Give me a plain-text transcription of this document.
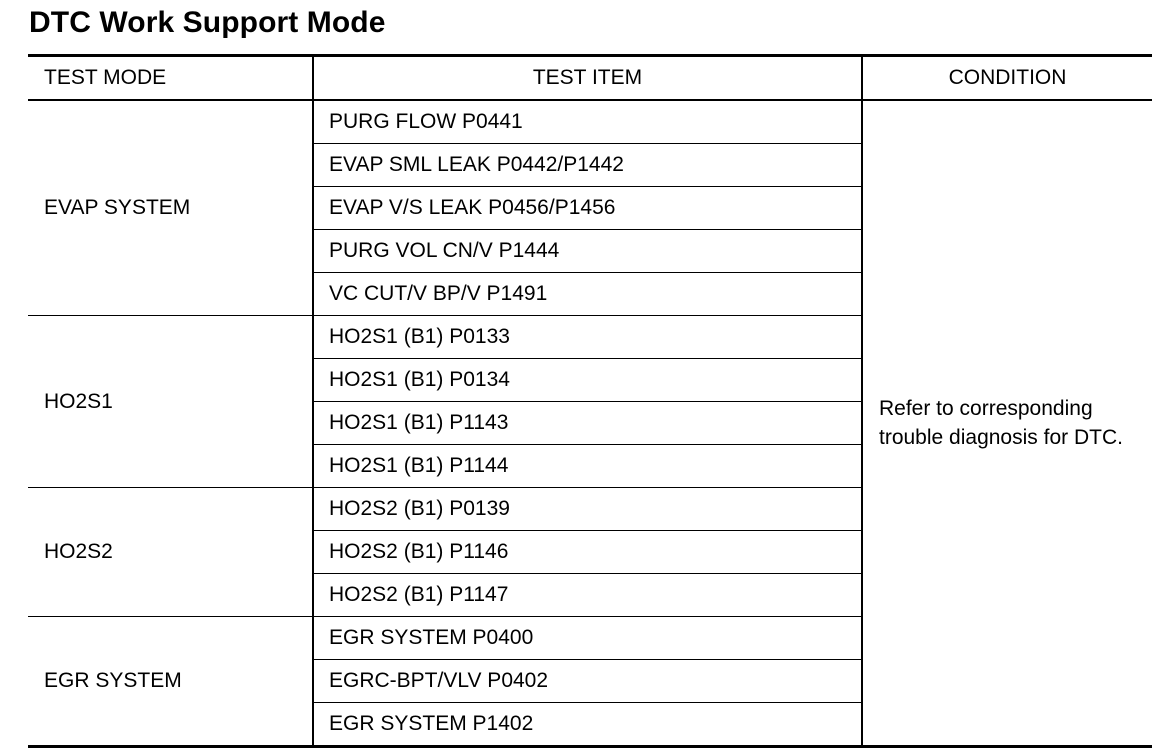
DTC Work Support Mode
TEST MODE	TEST ITEM	CONDITION
EVAP SYSTEM	PURG FLOW P0441	Refer to corresponding trouble diagnosis for DTC.
	EVAP SML LEAK P0442/P1442	
	EVAP V/S LEAK P0456/P1456	
	PURG VOL CN/V P1444	
	VC CUT/V BP/V P1491	
HO2S1	HO2S1 (B1) P0133	
	HO2S1 (B1) P0134	
	HO2S1 (B1) P1143	
	HO2S1 (B1) P1144	
HO2S2	HO2S2 (B1) P0139	
	HO2S2 (B1) P1146	
	HO2S2 (B1) P1147	
EGR SYSTEM	EGR SYSTEM P0400	
	EGRC-BPT/VLV P0402	
	EGR SYSTEM P1402	
